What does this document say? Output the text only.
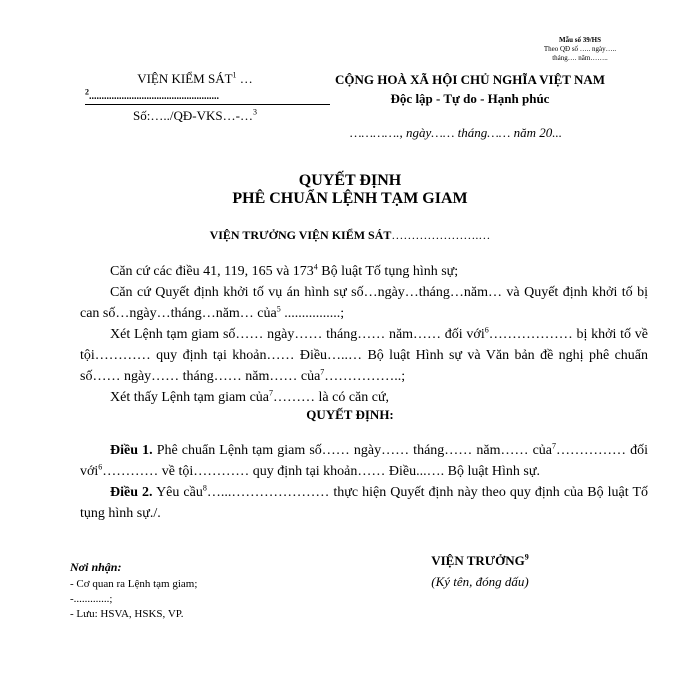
Mẫu số 39/HS
Theo QĐ số ….. ngày…..
tháng…. năm……..
VIỆN KIỂM SÁT$^1$ …
$^2$....................................................
Số:…../QĐ-VKS…-…$^3$
CỘNG HOÀ XÃ HỘI CHỦ NGHĨA VIỆT NAM
Độc lập - Tự do - Hạnh phúc
…………., ngày…… tháng…… năm 20...
QUYẾT ĐỊNH
PHÊ CHUẨN LỆNH TẠM GIAM
VIỆN TRƯỞNG VIỆN KIỂM SÁT………………….…

Căn cứ các điều 41, 119, 165 và $173^4$ Bộ luật Tố tụng hình sự;

Căn cứ Quyết định khởi tố vụ án hình sự số…ngày…tháng…năm… và Quyết định khởi tố bị can số…ngày…tháng…năm… của$^5$ ................;

Xét Lệnh tạm giam số…… ngày…… tháng…… năm…… đối với$^6$……………… bị khởi tố về tội………… quy định tại khoản…… Điều…..… Bộ luật Hình sự và Văn bản đề nghị phê chuẩn số…… ngày…… tháng…… năm…… của$^7$……………..;

Xét thấy Lệnh tạm giam của$^7$……… là có căn cứ,

QUYẾT ĐỊNH:

Điều 1. Phê chuẩn Lệnh tạm giam số…… ngày…… tháng…… năm…… của$^7$…………… đối với$^6$………… về tội………… quy định tại khoản…… Điều...…. Bộ luật Hình sự.

Điều 2. Yêu cầu$^8$…...………………… thực hiện Quyết định này theo quy định của Bộ luật Tố tụng hình sự./.

Nơi nhận:
- Cơ quan ra Lệnh tạm giam;
-.............;
- Lưu: HSVA, HSKS, VP.
VIỆN TRƯỞNG$^9$
(Ký tên, đóng dấu)
